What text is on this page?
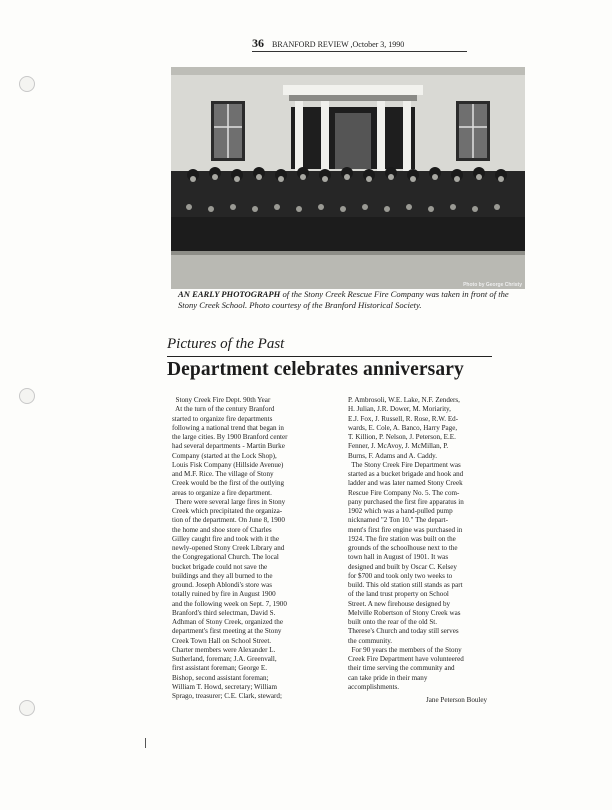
36 BRANFORD REVIEW ,October 3, 1990
Photo by George Christy
AN EARLY PHOTOGRAPH of the Stony Creek Rescue Fire Company was taken in front of the Stony Creek School. Photo courtesy of the Branford Historical Society.
Pictures of the Past
Department celebrates anniversary
Stony Creek Fire Dept. 90th Year
At the turn of the century Branford
started to organize fire departments
following a national trend that began in
the large cities. By 1900 Branford center
had several departments - Martin Burke
Company (started at the Lock Shop),
Louis Fisk Company (Hillside Avenue)
and M.F. Rice. The village of Stony
Creek would be the first of the outlying
areas to organize a fire department.
There were several large fires in Stony
Creek which precipitated the organiza-
tion of the department. On June 8, 1900
the home and shoe store of Charles
Gilley caught fire and took with it the
newly-opened Stony Creek Library and
the Congregational Church. The local
bucket brigade could not save the
buildings and they all burned to the
ground. Joseph Ablondi's store was
totally ruined by fire in August 1900
and the following week on Sept. 7, 1900
Branford's third selectman, David S.
Adhman of Stony Creek, organized the
department's first meeting at the Stony
Creek Town Hall on School Street.
Charter members were Alexander L.
Sutherland, foreman; J.A. Greenvall,
first assistant foreman; George E.
Bishop, second assistant foreman;
William T. Howd, secretary; William
Sprago, treasurer; C.E. Clark, steward;
P. Ambrosoli, W.E. Lake, N.F. Zenders,
H. Julian, J.R. Dower, M. Moriarity,
E.J. Fox, J. Russell, R. Rose, R.W. Ed-
wards, E. Cole, A. Banco, Harry Page,
T. Killion, P. Nelson, J. Peterson, E.E.
Fenner, J. McAvoy, J. McMillan, P.
Burns, F. Adams and A. Caddy.
The Stony Creek Fire Department was
started as a bucket brigade and hook and
ladder and was later named Stony Creek
Rescue Fire Company No. 5. The com-
pany purchased the first fire apparatus in
1902 which was a hand-pulled pump
nicknamed "2 Ton 10." The depart-
ment's first fire engine was purchased in
1924. The fire station was built on the
grounds of the schoolhouse next to the
town hall in August of 1901. It was
designed and built by Oscar C. Kelsey
for $700 and took only two weeks to
build. This old station still stands as part
of the land trust property on School
Street. A new firehouse designed by
Melville Robertson of Stony Creek was
built onto the rear of the old St.
Therese's Church and today still serves
the community.
For 90 years the members of the Stony
Creek Fire Department have volunteered
their time serving the community and
can take pride in their many
accomplishments.
Jane Peterson Bouley
